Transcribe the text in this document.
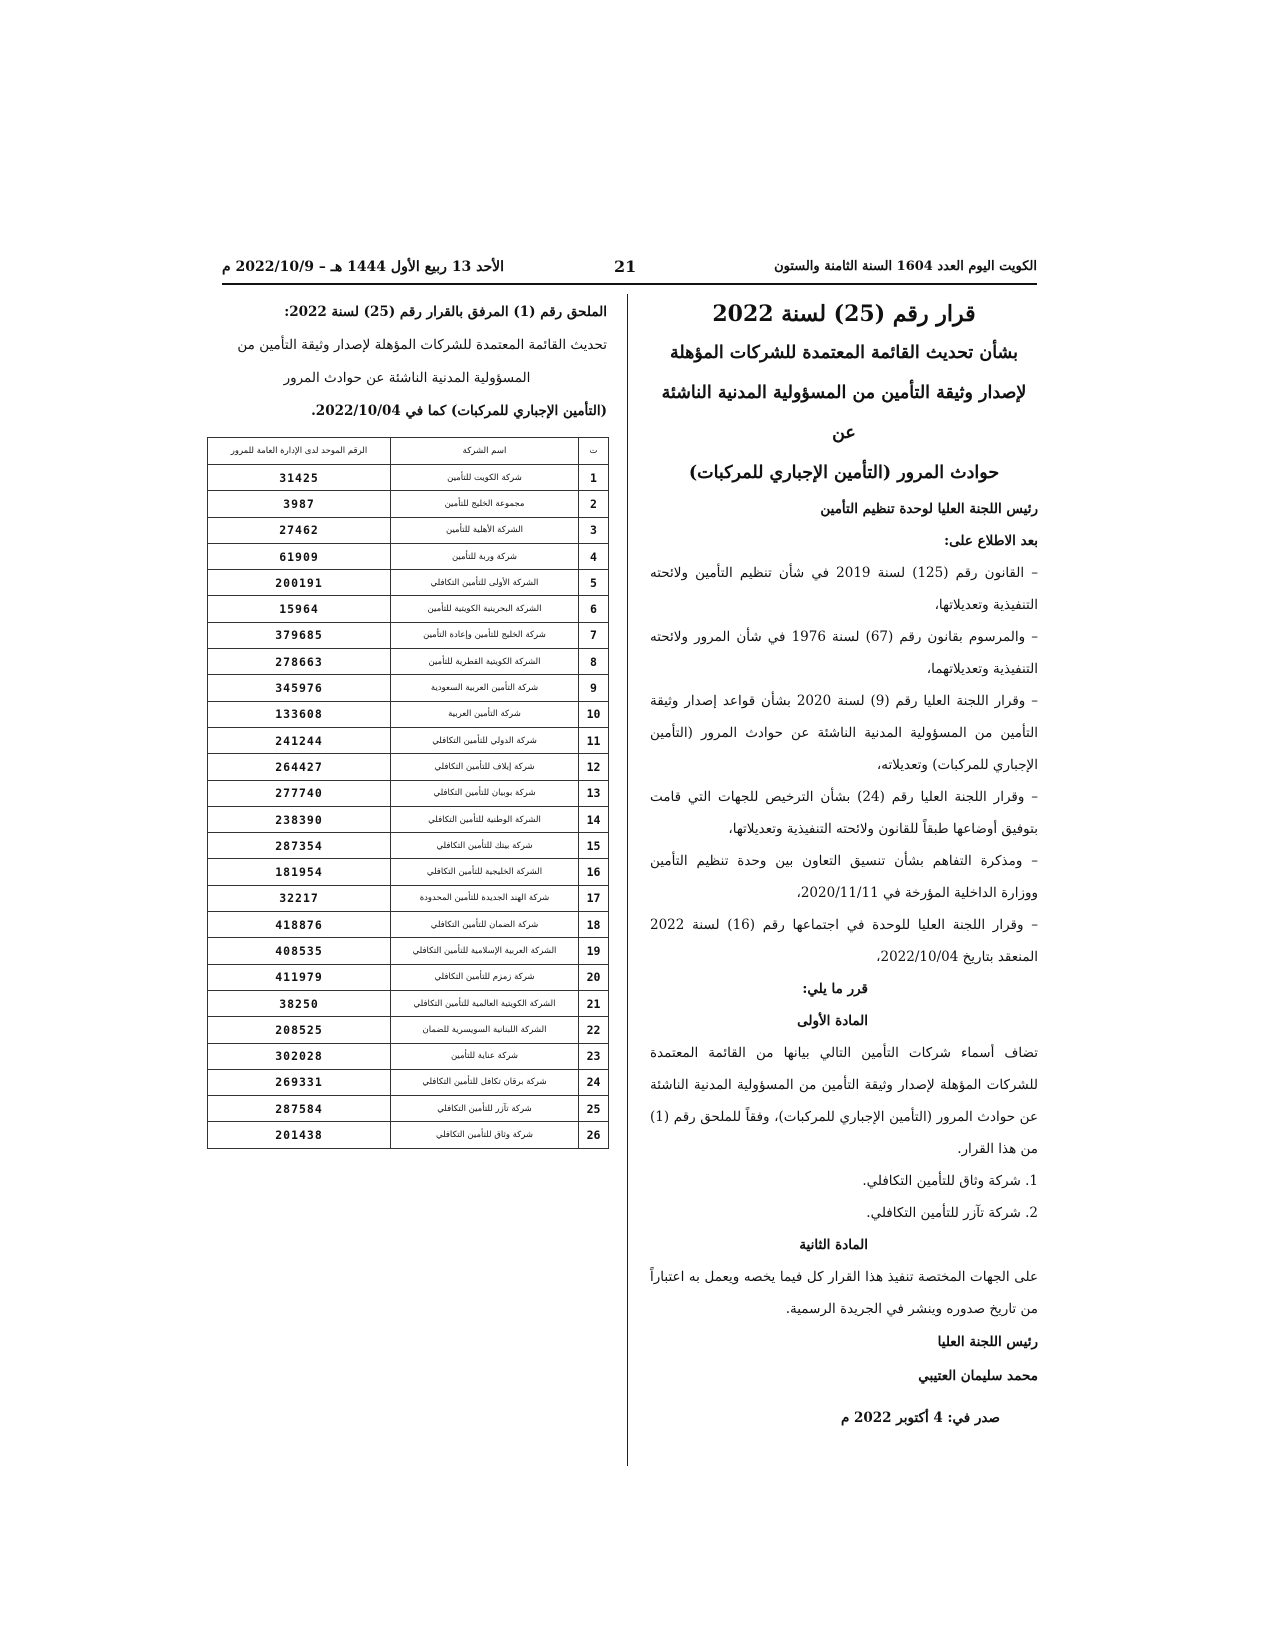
الكويت اليوم العدد 1604 السنة الثامنة والستون
21
الأحد 13 ربيع الأول 1444 هـ – 2022/10/9 م

قرار رقم (25) لسنة 2022

بشأن تحديث القائمة المعتمدة للشركات المؤهلة

لإصدار وثيقة التأمين من المسؤولية المدنية الناشئة عن

حوادث المرور (التأمين الإجباري للمركبات)

رئيس اللجنة العليا لوحدة تنظيم التأمين

بعد الاطلاع على:

– القانون رقم (125) لسنة 2019 في شأن تنظيم التأمين ولائحته التنفيذية وتعديلاتها،

– والمرسوم بقانون رقم (67) لسنة 1976 في شأن المرور ولائحته التنفيذية وتعديلاتهما،

– وقرار اللجنة العليا رقم (9) لسنة 2020 بشأن قواعد إصدار وثيقة التأمين من المسؤولية المدنية الناشئة عن حوادث المرور (التأمين الإجباري للمركبات) وتعديلاته،

– وقرار اللجنة العليا رقم (24) بشأن الترخيص للجهات التي قامت بتوفيق أوضاعها طبقاً للقانون ولائحته التنفيذية وتعديلاتها،

– ومذكرة التفاهم بشأن تنسيق التعاون بين وحدة تنظيم التأمين ووزارة الداخلية المؤرخة في 2020/11/11،

– وقرار اللجنة العليا للوحدة في اجتماعها رقم (16) لسنة 2022 المنعقد بتاريخ 2022/10/04،

قرر ما يلي:

المادة الأولى

تضاف أسماء شركات التأمين التالي بيانها من القائمة المعتمدة للشركات المؤهلة لإصدار وثيقة التأمين من المسؤولية المدنية الناشئة عن حوادث المرور (التأمين الإجباري للمركبات)، وفقاً للملحق رقم (1) من هذا القرار.

1. شركة وثاق للتأمين التكافلي.

2. شركة تآزر للتأمين التكافلي.

المادة الثانية

على الجهات المختصة تنفيذ هذا القرار كل فيما يخصه ويعمل به اعتباراً من تاريخ صدوره وينشر في الجريدة الرسمية.

رئيس اللجنة العليا

محمد سليمان العتيبي

صدر في: 4 أكتوبر 2022 م

الملحق رقم (1) المرفق بالقرار رقم (25) لسنة 2022:

تحديث القائمة المعتمدة للشركات المؤهلة لإصدار وثيقة التأمين من

المسؤولية المدنية الناشئة عن حوادث المرور

(التأمين الإجباري للمركبات) كما في 2022/10/04.

ت	اسم الشركة	الرقم الموحد لدى الإدارة العامة للمرور
1	شركة الكويت للتأمين	31425
2	مجموعة الخليج للتأمين	3987
3	الشركة الأهلية للتأمين	27462
4	شركة وربة للتأمين	61909
5	الشركة الأولى للتأمين التكافلي	200191
6	الشركة البحرينية الكويتية للتأمين	15964
7	شركة الخليج للتأمين وإعادة التأمين	379685
8	الشركة الكويتية القطرية للتأمين	278663
9	شركة التأمين العربية السعودية	345976
10	شركة التأمين العربية	133608
11	شركة الدولي للتأمين التكافلي	241244
12	شركة إيلاف للتأمين التكافلي	264427
13	شركة بوبيان للتأمين التكافلي	277740
14	الشركة الوطنية للتأمين التكافلي	238390
15	شركة بيتك للتأمين التكافلي	287354
16	الشركة الخليجية للتأمين التكافلي	181954
17	شركة الهند الجديدة للتأمين المحدودة	32217
18	شركة الضمان للتأمين التكافلي	418876
19	الشركة العربية الإسلامية للتأمين التكافلي	408535
20	شركة زمزم للتأمين التكافلي	411979
21	الشركة الكويتية العالمية للتأمين التكافلي	38250
22	الشركة اللبنانية السويسرية للضمان	208525
23	شركة عناية للتأمين	302028
24	شركة برقان تكافل للتأمين التكافلي	269331
25	شركة تآزر للتأمين التكافلي	287584
26	شركة وثاق للتأمين التكافلي	201438
